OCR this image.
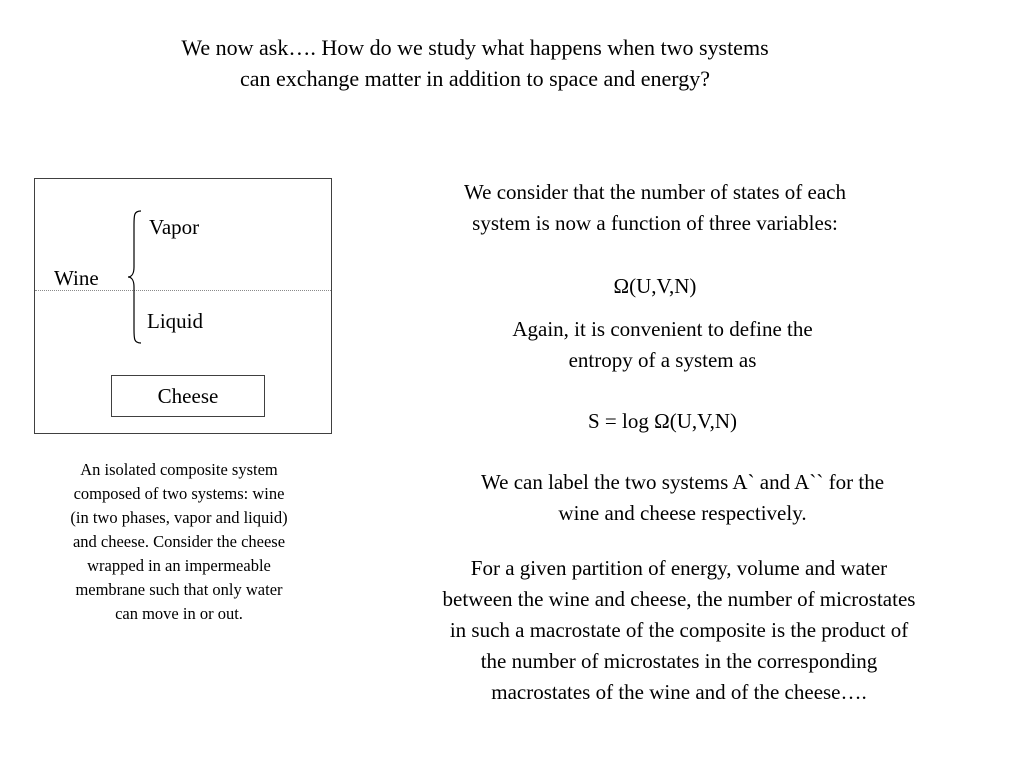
We now ask…. How do we study what happens when two systems
can exchange matter in addition to space and energy?
Vapor
Wine
Liquid
Cheese
An isolated composite system
composed of two systems: wine
(in two phases, vapor and liquid)
and cheese. Consider the cheese
wrapped in an impermeable
membrane such that only water
can move in or out.
We consider that the number of states of each
system is now a function of three variables:
Ω(U,V,N)
Again, it is convenient to define the
entropy of a system as
S = log Ω(U,V,N)
We can label the two systems A` and A`` for the
wine and cheese respectively.
For a given partition of energy, volume and water
between the wine and cheese, the number of microstates
in such a macrostate of the composite is the product of
the number of microstates in the corresponding
macrostates of the wine and of the cheese….
